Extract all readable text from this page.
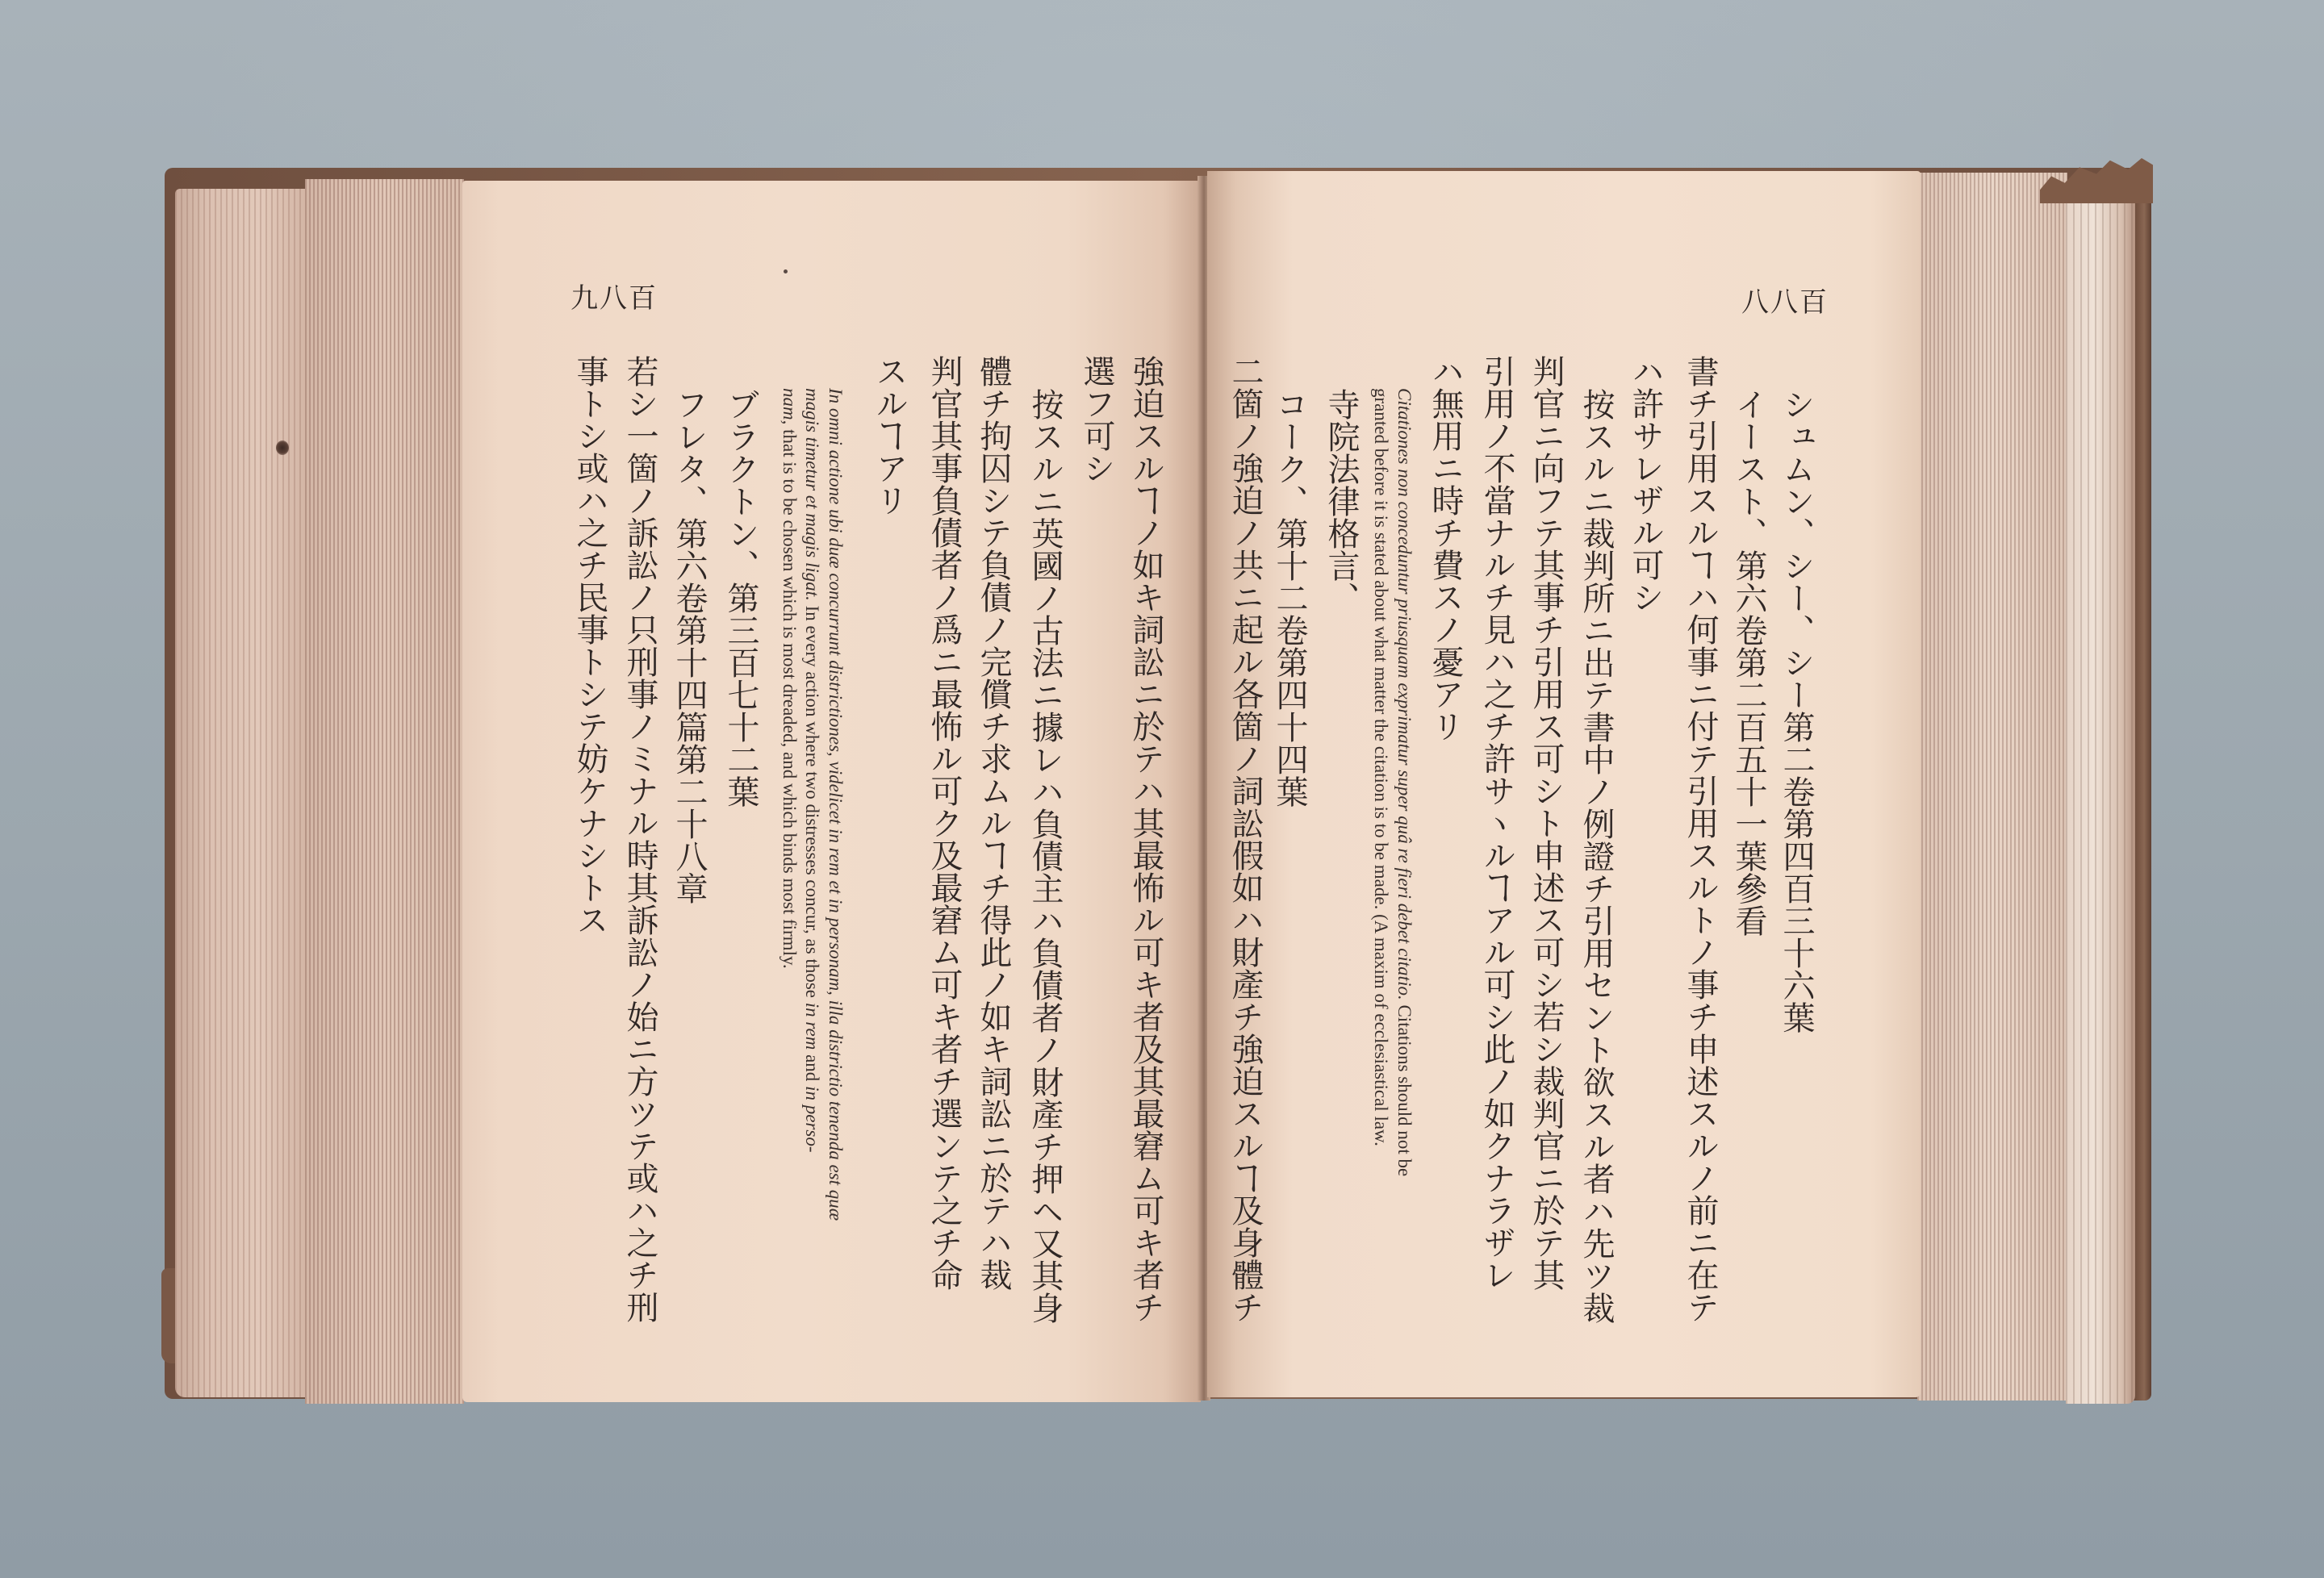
九八百
強迫スルヿノ如キ詞訟ニ於テハ其最怖ル可キ者及其最窘ム可キ者チ
選フ可シ
按スルニ英國ノ古法ニ據レハ負債主ハ負債者ノ財產チ押ヘ又其身
體チ拘囚シテ負債ノ完償チ求ムルヿチ得此ノ如キ詞訟ニ於テハ裁
判官其事負債者ノ爲ニ最怖ル可ク及最窘ム可キ者チ選ンテ之チ命
スルヿアリ
In omni actione ubi duæ concurrunt districtiones, videlicet in rem et in personam, illa districtio tenenda est quæ
magis timetur et magis ligat. In every action where two distresses concur, as those in rem and in perso-
nam, that is to be chosen which is most dreaded, and which binds most firmly.
ブラクトン、第三百七十二葉
フレタ、第六卷第十四篇第二十八章
若シ一箇ノ訴訟ノ只刑事ノミナル時其訴訟ノ始ニ方ツテ或ハ之チ刑
事トシ或ハ之チ民事トシテ妨ケナシトス
八八百
シュムン、シー、シー第二卷第四百三十六葉
イースト、第六卷第二百五十一葉參看
書チ引用スルヿハ何事ニ付テ引用スルトノ事チ申述スルノ前ニ在テ
ハ許サレザル可シ
按スルニ裁判所ニ出テ書中ノ例證チ引用セント欲スル者ハ先ツ裁
判官ニ向フテ其事チ引用ス可シト申述ス可シ若シ裁判官ニ於テ其
引用ノ不當ナルチ見ハ之チ許サヽルヿアル可シ此ノ如クナラザレ
ハ無用ニ時チ費スノ憂アリ
Citationes non conceduntur priusquam exprimatur super quâ re fieri debet citatio. Citations should not be
granted before it is stated about what matter the citation is to be made. (A maxim of ecclesiastical law.
寺院法律格言、
コーク、第十二卷第四十四葉
二箇ノ強迫ノ共ニ起ル各箇ノ詞訟假如ハ財產チ強迫スルヿ及身體チ
